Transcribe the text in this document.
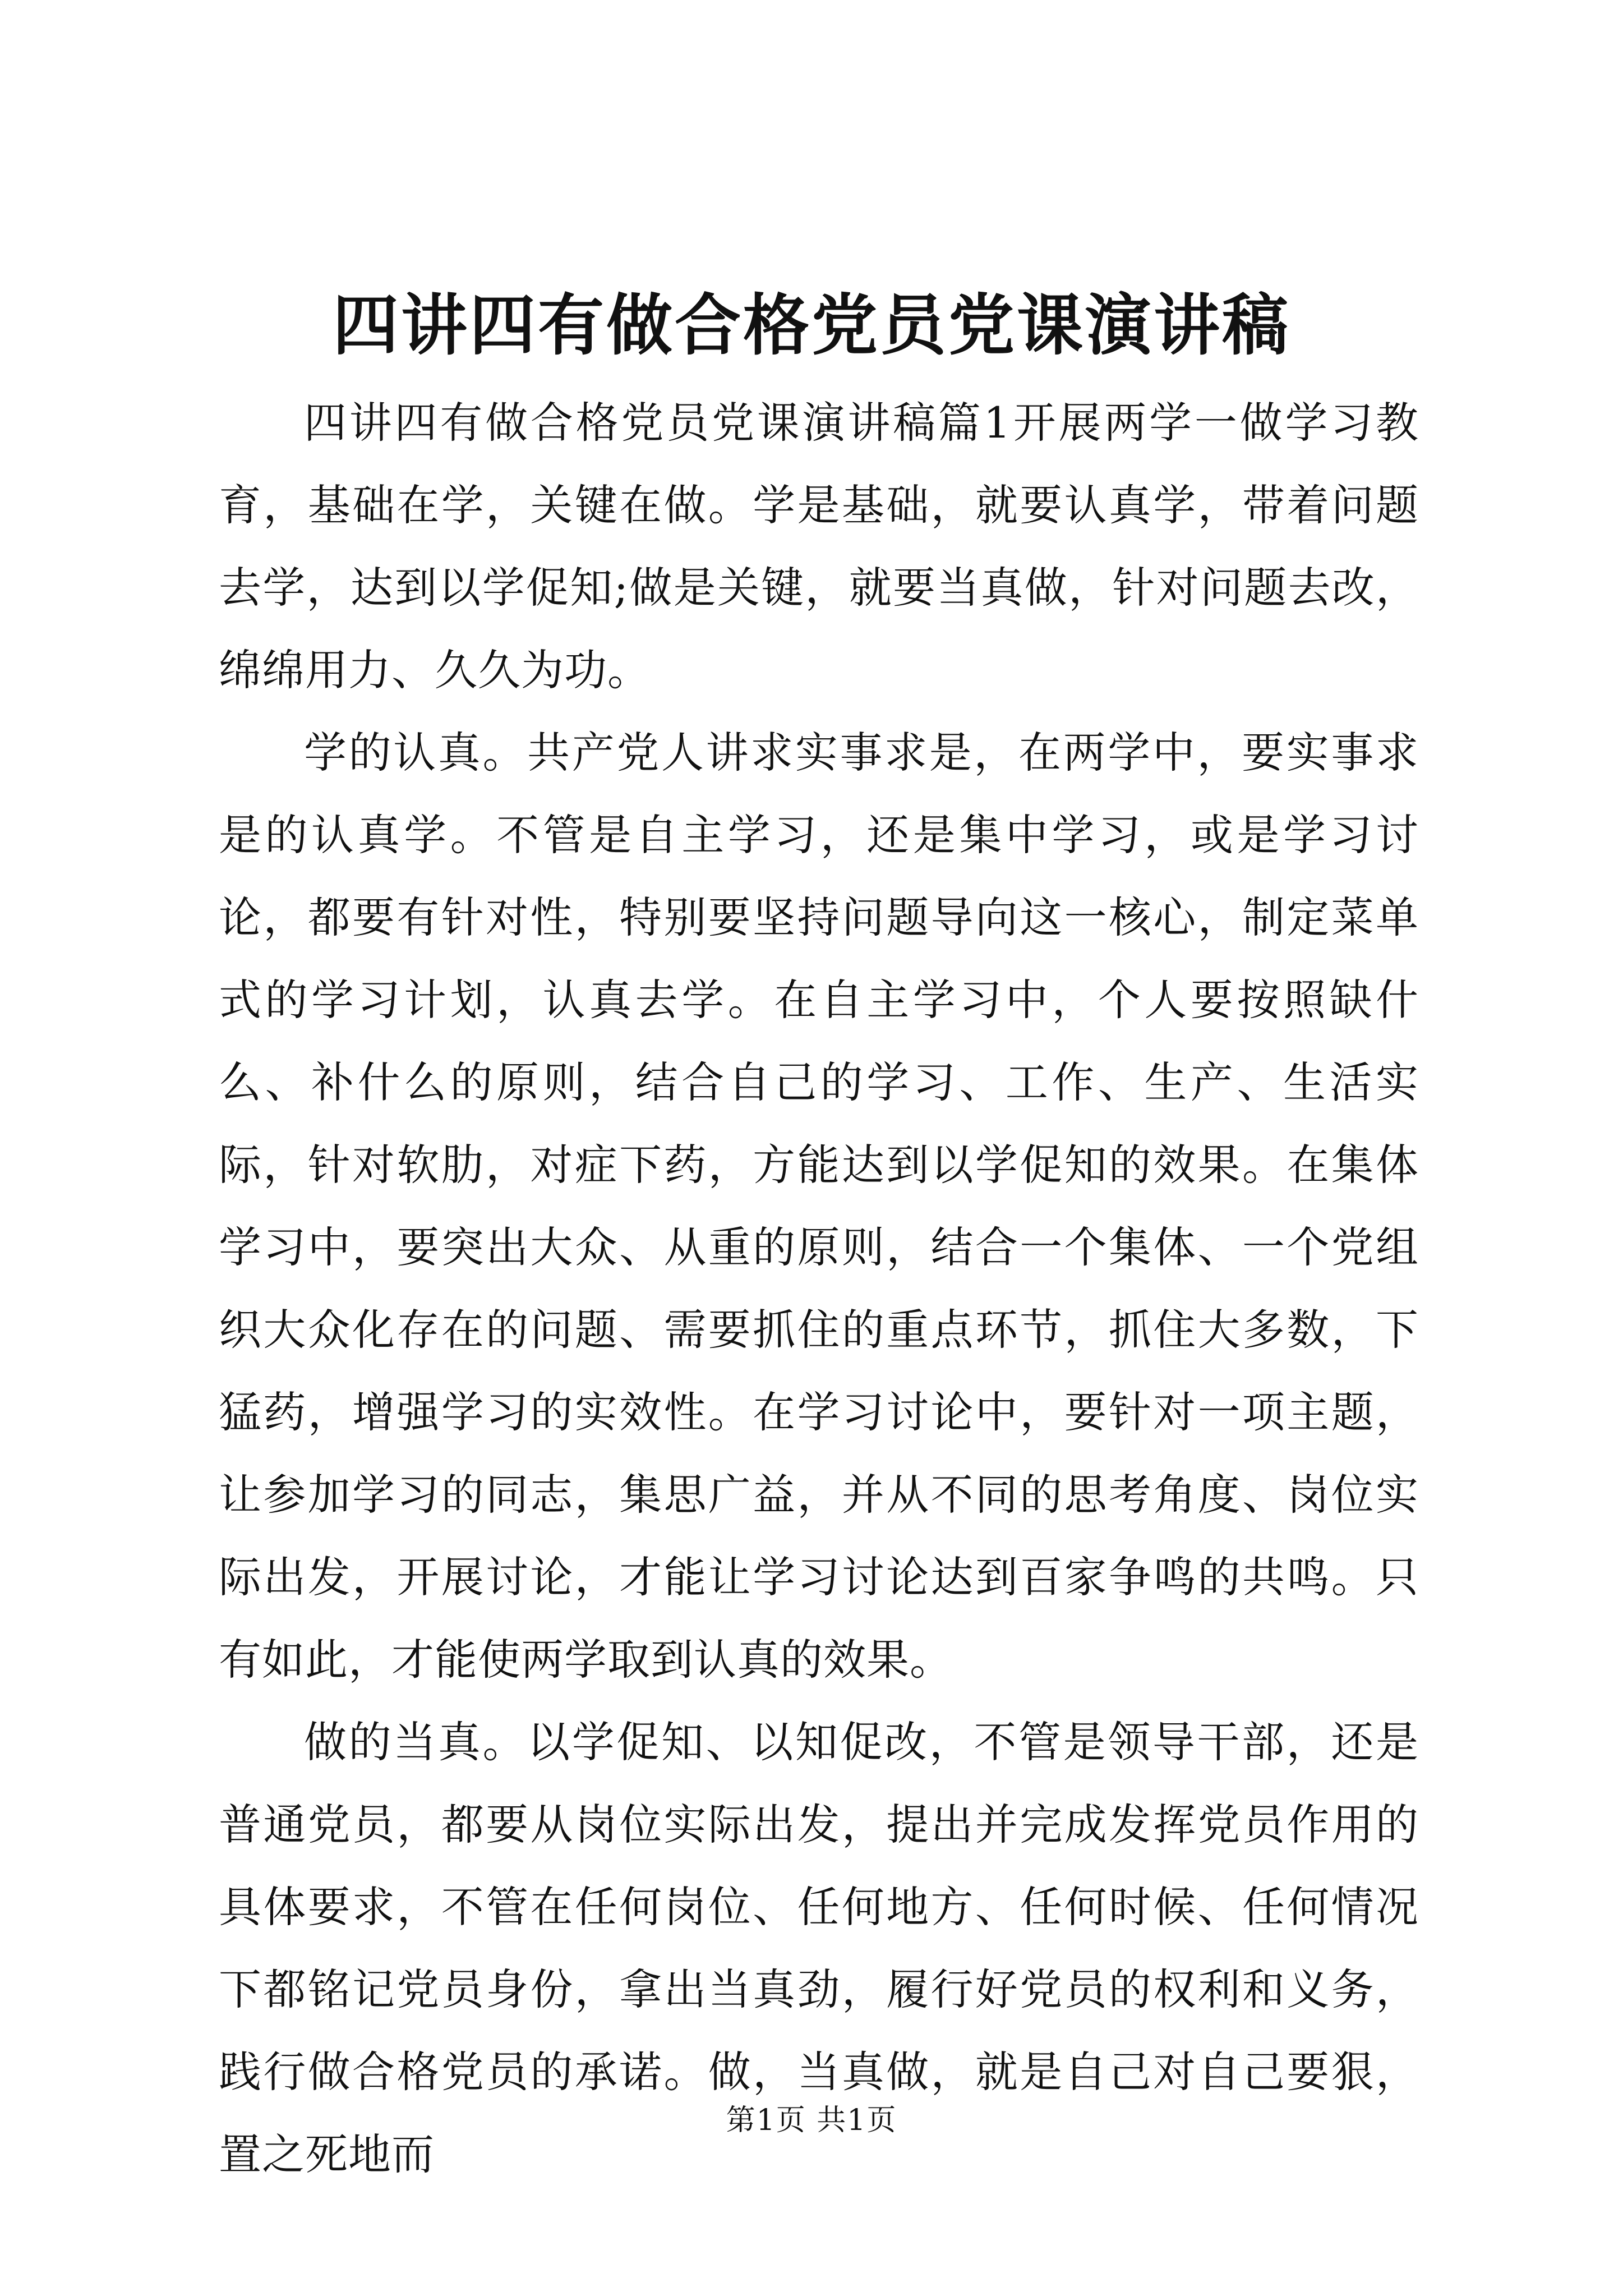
四讲四有做合格党员党课演讲稿

四讲四有做合格党员党课演讲稿篇1开展两学一做学习教育，基础在学，关键在做。学是基础，就要认真学，带着问题去学，达到以学促知;做是关键，就要当真做，针对问题去改，绵绵用力、久久为功。

学的认真。共产党人讲求实事求是，在两学中，要实事求是的认真学。不管是自主学习，还是集中学习，或是学习讨论，都要有针对性，特别要坚持问题导向这一核心，制定菜单式的学习计划，认真去学。在自主学习中，个人要按照缺什么、补什么的原则，结合自己的学习、工作、生产、生活实际，针对软肋，对症下药，方能达到以学促知的效果。在集体学习中，要突出大众、从重的原则，结合一个集体、一个党组织大众化存在的问题、需要抓住的重点环节，抓住大多数，下猛药，增强学习的实效性。在学习讨论中，要针对一项主题，让参加学习的同志，集思广益，并从不同的思考角度、岗位实际出发，开展讨论，才能让学习讨论达到百家争鸣的共鸣。只有如此，才能使两学取到认真的效果。

做的当真。以学促知、以知促改，不管是领导干部，还是普通党员，都要从岗位实际出发，提出并完成发挥党员作用的具体要求，不管在任何岗位、任何地方、任何时候、任何情况下都铭记党员身份，拿出当真劲，履行好党员的权利和义务，践行做合格党员的承诺。做，当真做，就是自己对自己要狠，置之死地而

第1页 共1页
